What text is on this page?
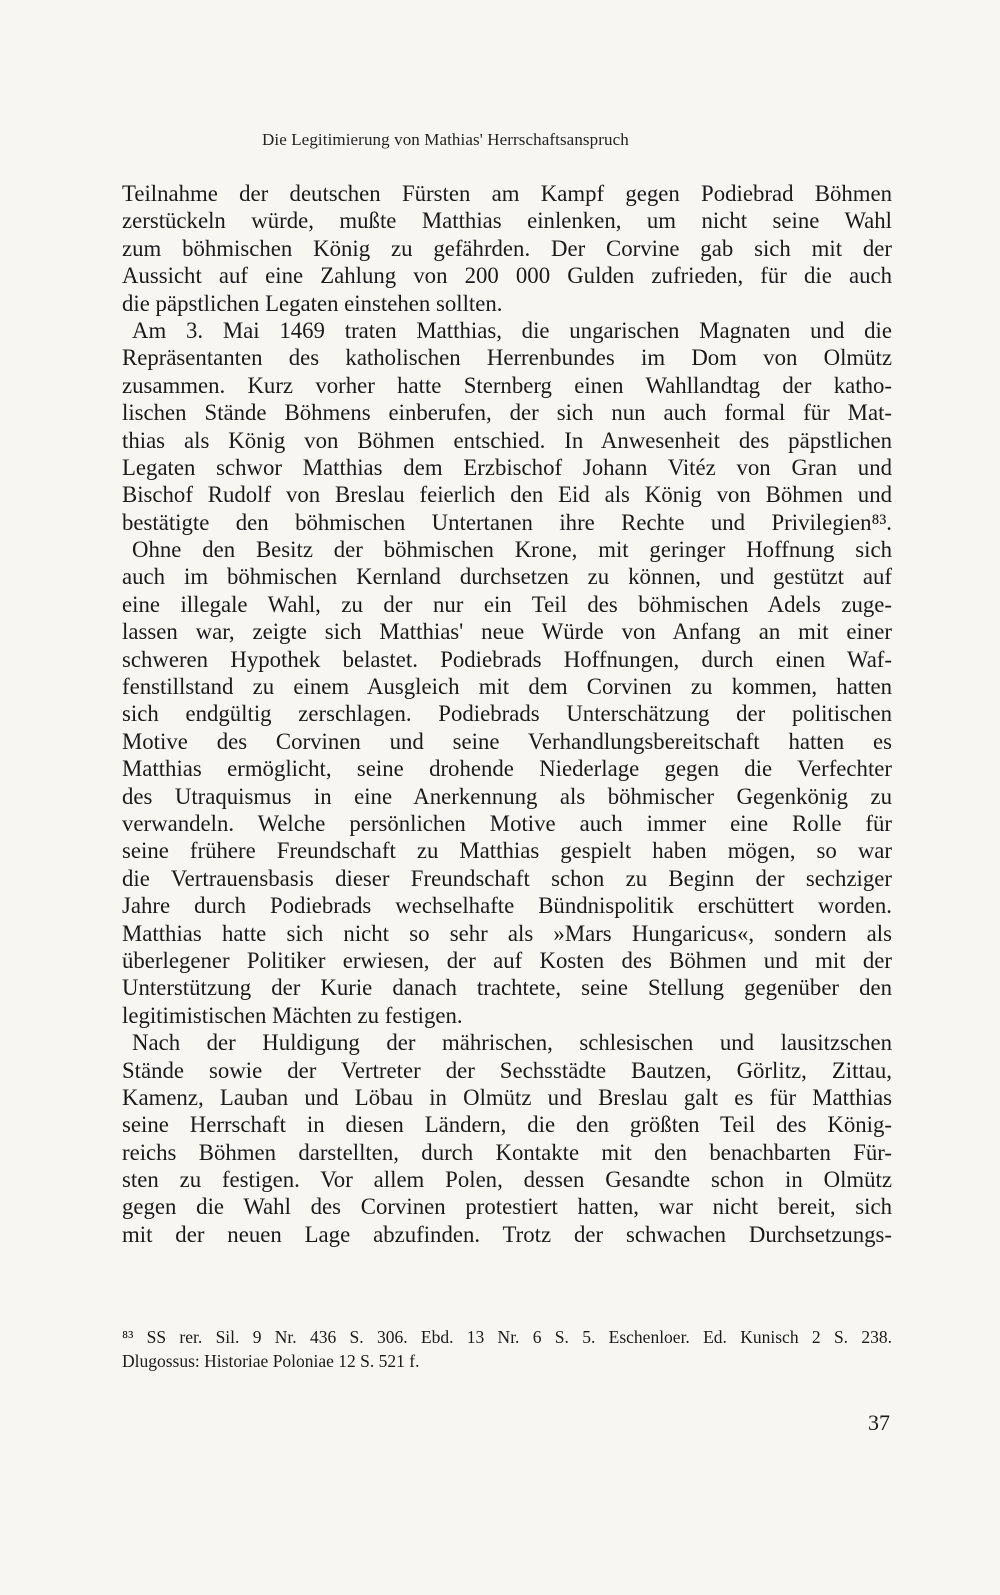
Die Legitimierung von Mathias' Herrschaftsanspruch
Teilnahme der deutschen Fürsten am Kampf gegen Podiebrad Böhmen
zerstückeln würde, mußte Matthias einlenken, um nicht seine Wahl
zum böhmischen König zu gefährden. Der Corvine gab sich mit der
Aussicht auf eine Zahlung von 200 000 Gulden zufrieden, für die auch
die päpstlichen Legaten einstehen sollten.
Am 3. Mai 1469 traten Matthias, die ungarischen Magnaten und die
Repräsentanten des katholischen Herrenbundes im Dom von Olmütz
zusammen. Kurz vorher hatte Sternberg einen Wahllandtag der katho-
lischen Stände Böhmens einberufen, der sich nun auch formal für Mat-
thias als König von Böhmen entschied. In Anwesenheit des päpstlichen
Legaten schwor Matthias dem Erzbischof Johann Vitéz von Gran und
Bischof Rudolf von Breslau feierlich den Eid als König von Böhmen und
bestätigte den böhmischen Untertanen ihre Rechte und Privilegien⁸³.
Ohne den Besitz der böhmischen Krone, mit geringer Hoffnung sich
auch im böhmischen Kernland durchsetzen zu können, und gestützt auf
eine illegale Wahl, zu der nur ein Teil des böhmischen Adels zuge-
lassen war, zeigte sich Matthias' neue Würde von Anfang an mit einer
schweren Hypothek belastet. Podiebrads Hoffnungen, durch einen Waf-
fenstillstand zu einem Ausgleich mit dem Corvinen zu kommen, hatten
sich endgültig zerschlagen. Podiebrads Unterschätzung der politischen
Motive des Corvinen und seine Verhandlungsbereitschaft hatten es
Matthias ermöglicht, seine drohende Niederlage gegen die Verfechter
des Utraquismus in eine Anerkennung als böhmischer Gegenkönig zu
verwandeln. Welche persönlichen Motive auch immer eine Rolle für
seine frühere Freundschaft zu Matthias gespielt haben mögen, so war
die Vertrauensbasis dieser Freundschaft schon zu Beginn der sechziger
Jahre durch Podiebrads wechselhafte Bündnispolitik erschüttert worden.
Matthias hatte sich nicht so sehr als »Mars Hungaricus«, sondern als
überlegener Politiker erwiesen, der auf Kosten des Böhmen und mit der
Unterstützung der Kurie danach trachtete, seine Stellung gegenüber den
legitimistischen Mächten zu festigen.
Nach der Huldigung der mährischen, schlesischen und lausitzschen
Stände sowie der Vertreter der Sechsstädte Bautzen, Görlitz, Zittau,
Kamenz, Lauban und Löbau in Olmütz und Breslau galt es für Matthias
seine Herrschaft in diesen Ländern, die den größten Teil des König-
reichs Böhmen darstellten, durch Kontakte mit den benachbarten Für-
sten zu festigen. Vor allem Polen, dessen Gesandte schon in Olmütz
gegen die Wahl des Corvinen protestiert hatten, war nicht bereit, sich
mit der neuen Lage abzufinden. Trotz der schwachen Durchsetzungs-
⁸³ SS rer. Sil. 9 Nr. 436 S. 306. Ebd. 13 Nr. 6 S. 5. Eschenloer. Ed. Kunisch 2 S. 238.
Dlugossus: Historiae Poloniae 12 S. 521 f.
37
